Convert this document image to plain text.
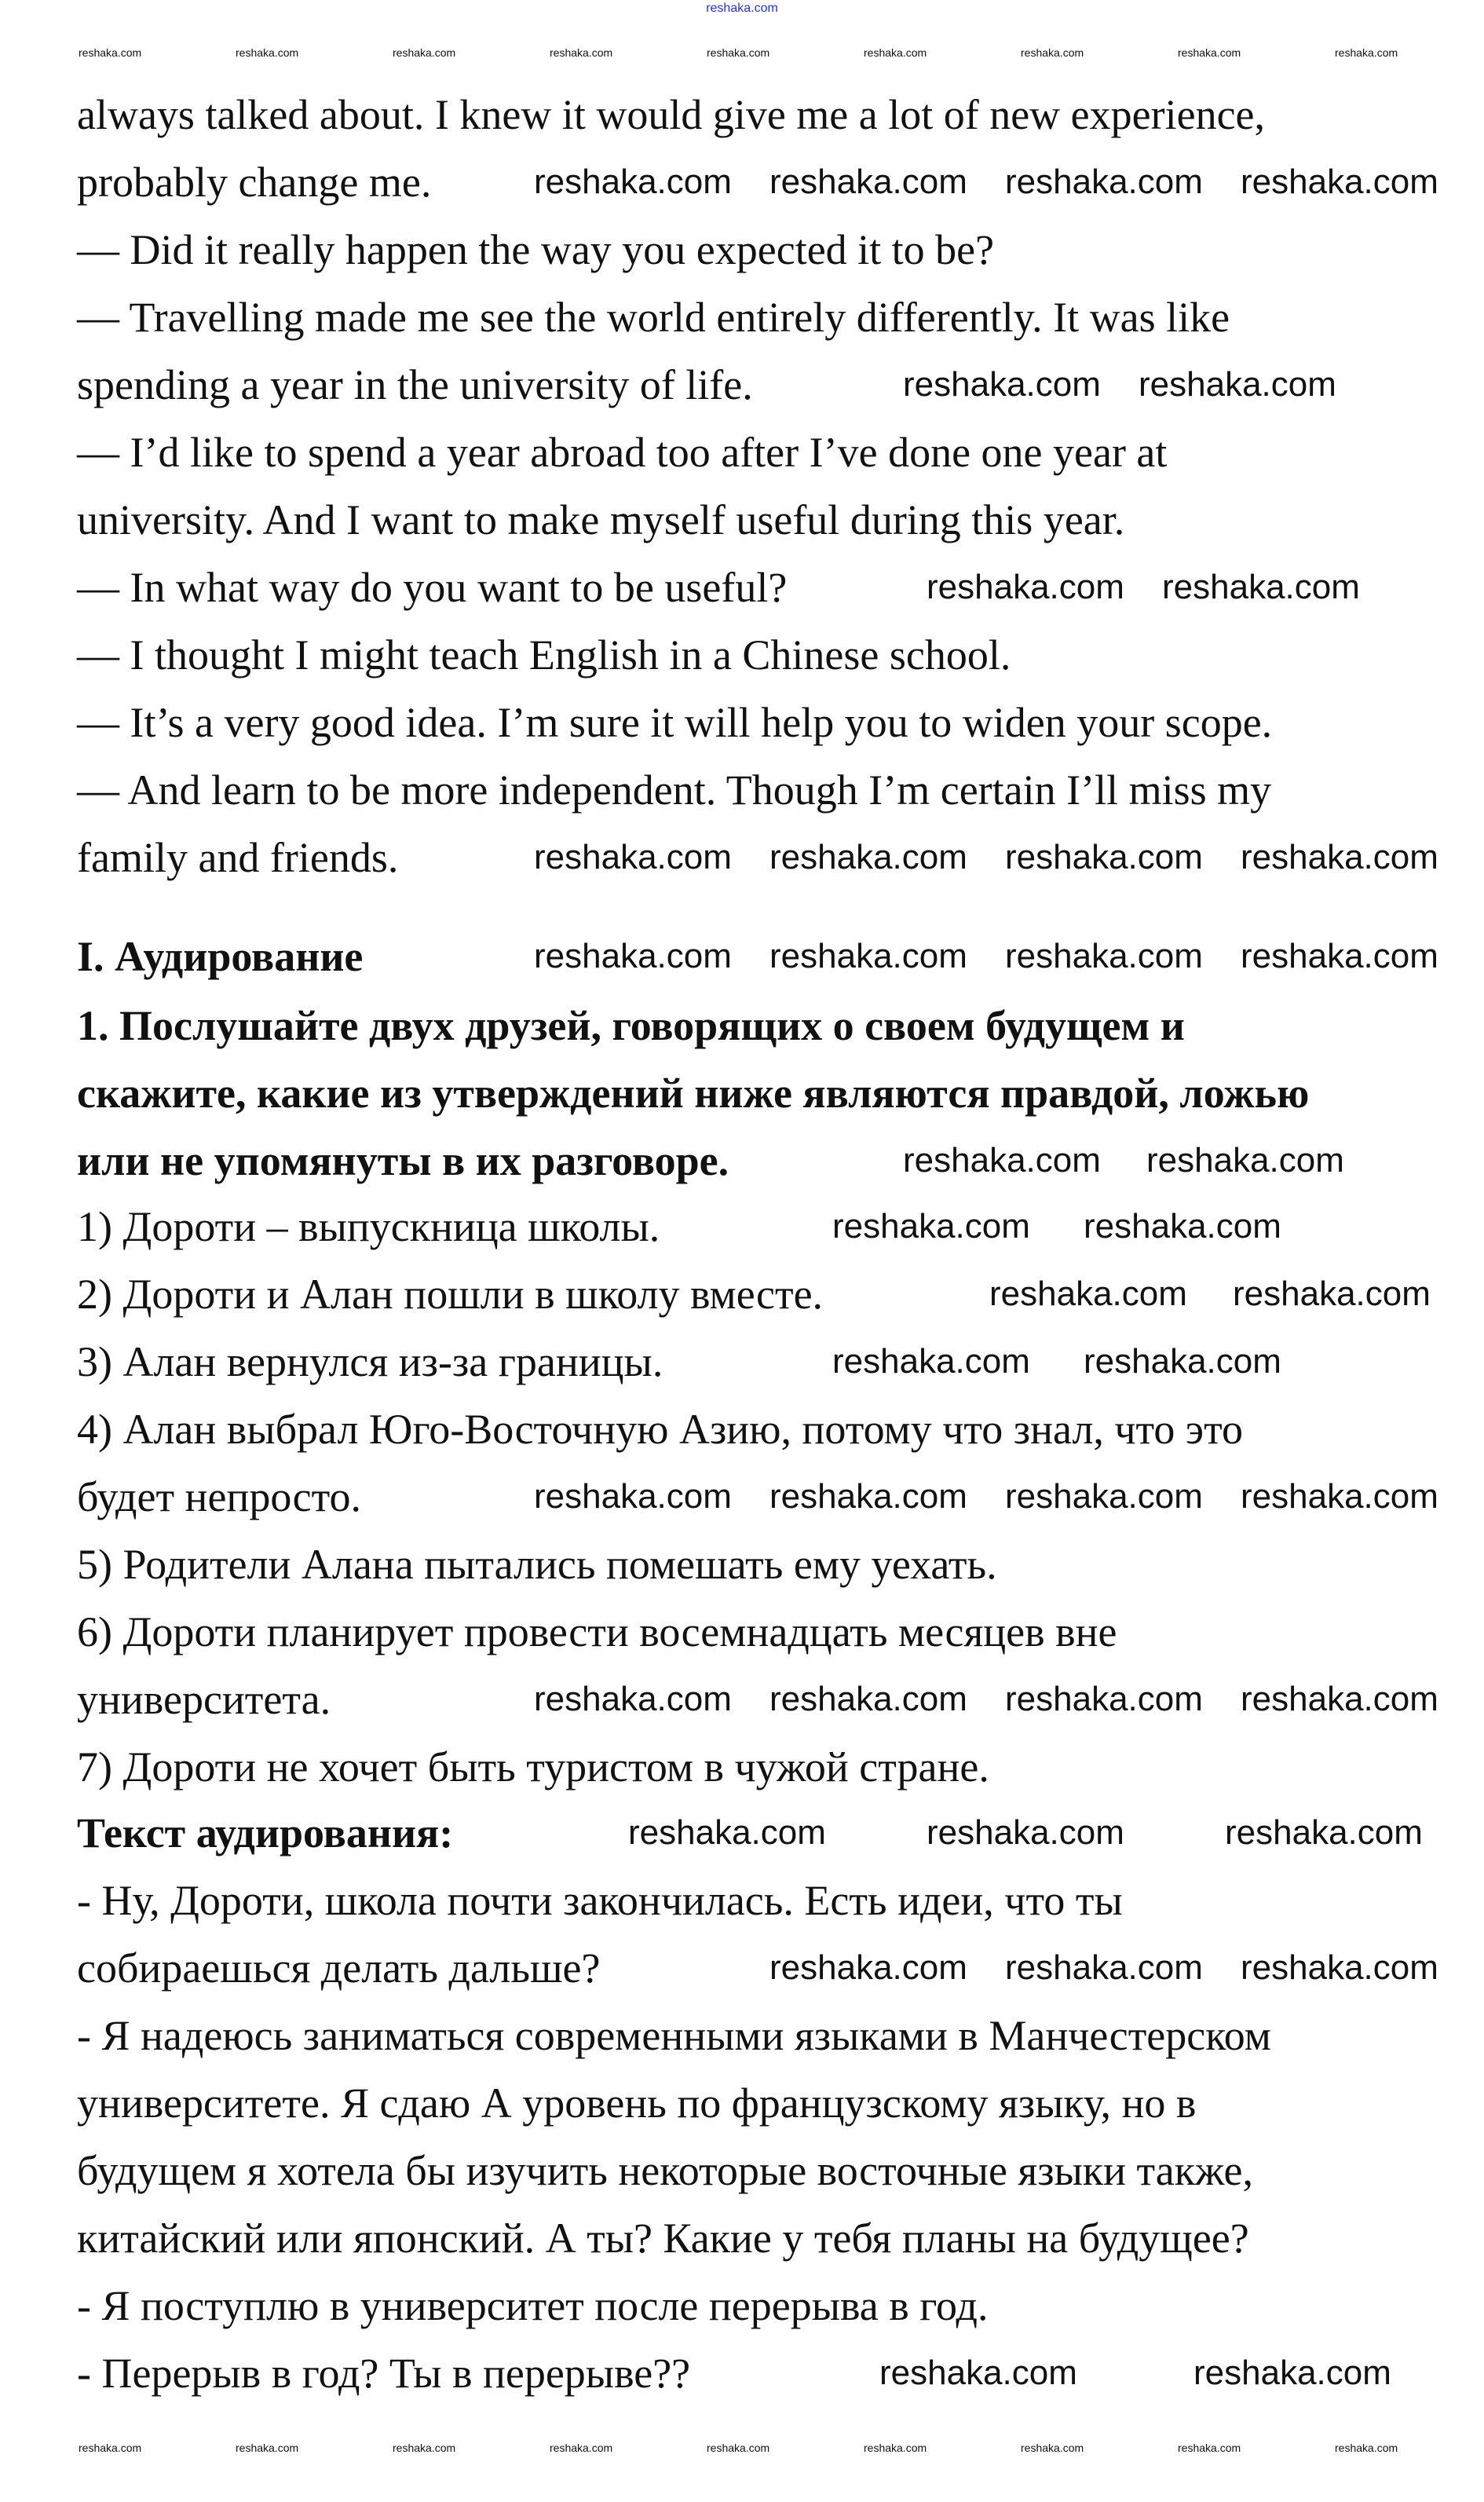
reshaka.com
always talked about. I knew it would give me a lot of new experience,
probably change me.
— Did it really happen the way you expected it to be?
— Travelling made me see the world entirely differently. It was like
spending a year in the university of life.
— I’d like to spend a year abroad too after I’ve done one year at
university. And I want to make myself useful during this year.
— In what way do you want to be useful?
— I thought I might teach English in a Chinese school.
— It’s a very good idea. I’m sure it will help you to widen your scope.
— And learn to be more independent. Though I’m certain I’ll miss my
family and friends.
I. Аудирование
1. Послушайте двух друзей, говорящих о своем будущем и
скажите, какие из утверждений ниже являются правдой, ложью
или не упомянуты в их разговоре.
1) Дороти – выпускница школы.
2) Дороти и Алан пошли в школу вместе.
3) Алан вернулся из-за границы.
4) Алан выбрал Юго-Восточную Азию, потому что знал, что это
будет непросто.
5) Родители Алана пытались помешать ему уехать.
6) Дороти планирует провести восемнадцать месяцев вне
университета.
7) Дороти не хочет быть туристом в чужой стране.
Текст аудирования:
- Ну, Дороти, школа почти закончилась. Есть идеи, что ты
собираешься делать дальше?
- Я надеюсь заниматься современными языками в Манчестерском
университете. Я сдаю А уровень по французскому языку, но в
будущем я хотела бы изучить некоторые восточные языки также,
китайский или японский. А ты? Какие у тебя планы на будущее?
- Я поступлю в университет после перерыва в год.
- Перерыв в год? Ты в перерыве??
reshaka.com	reshaka.com	reshaka.com	reshaka.com	reshaka.com	reshaka.com	reshaka.com	reshaka.com
reshaka.com
reshaka.com	reshaka.com	reshaka.com	reshaka.com	reshaka.com	reshaka.com	reshaka.com	reshaka.com	reshaka.com
reshaka.com reshaka.com reshaka.com reshaka.com
reshaka.com reshaka.com
reshaka.com reshaka.com
reshaka.com reshaka.com reshaka.com reshaka.com
reshaka.com reshaka.com reshaka.com reshaka.com
reshaka.com reshaka.com
reshaka.com reshaka.com
reshaka.com reshaka.com
reshaka.com reshaka.com
reshaka.com reshaka.com reshaka.com reshaka.com
reshaka.com reshaka.com reshaka.com reshaka.com
reshaka.com	reshaka.com	reshaka.com
reshaka.com reshaka.com reshaka.com
reshaka.com	reshaka.com
